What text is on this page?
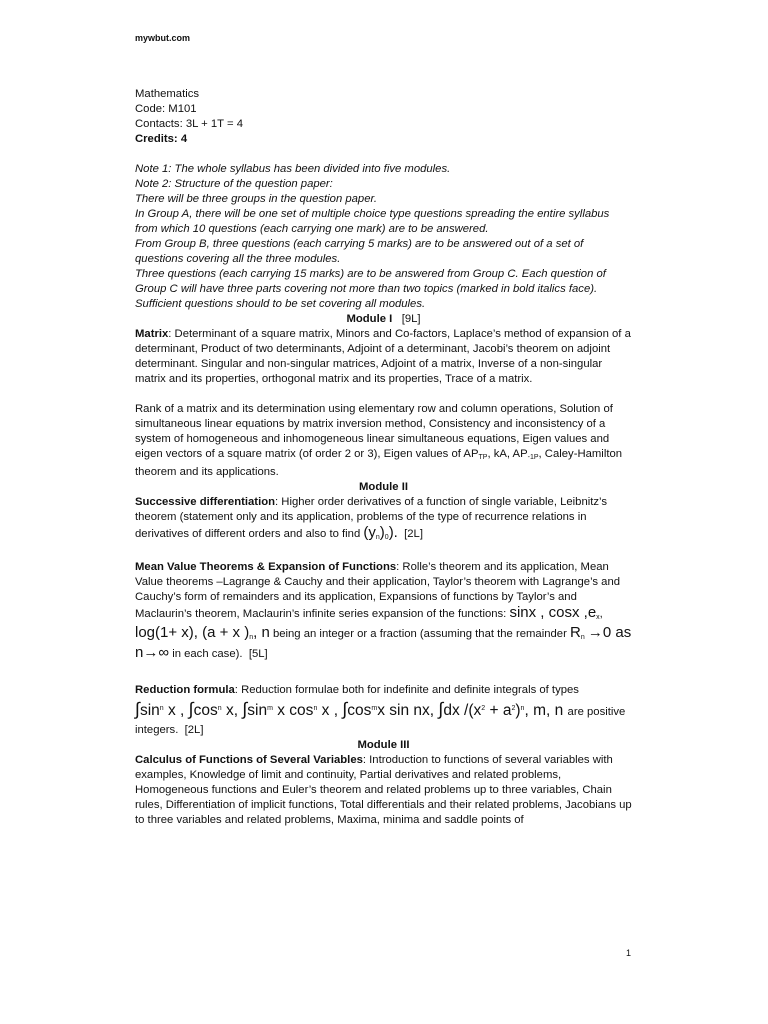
mywbut.com

Mathematics

Code: M101

Contacts: 3L + 1T = 4

Credits: 4

Note 1: The whole syllabus has been divided into five modules.

Note 2: Structure of the question paper:

There will be three groups in the question paper.

In Group A, there will be one set of multiple choice type questions spreading the entire syllabus from which 10 questions (each carrying one mark) are to be answered.

From Group B, three questions (each carrying 5 marks) are to be answered out of a set of questions covering all the three modules.

Three questions (each carrying 15 marks) are to be answered from Group C. Each question of Group C will have three parts covering not more than two topics (marked in bold italics face).

Sufficient questions should to be set covering all modules.

Module I [9L]

Matrix: Determinant of a square matrix, Minors and Co-factors, Laplace’s method of expansion of a determinant, Product of two determinants, Adjoint of a determinant, Jacobi’s theorem on adjoint determinant. Singular and non-singular matrices, Adjoint of a matrix, Inverse of a non-singular matrix and its properties, orthogonal matrix and its properties, Trace of a matrix.

Rank of a matrix and its determination using elementary row and column operations, Solution of simultaneous linear equations by matrix inversion method, Consistency and inconsistency of a system of homogeneous and inhomogeneous linear simultaneous equations, Eigen values and eigen vectors of a square matrix (of order 2 or 3), Eigen values of $AP_{TP}$, kA, $AP_{-1P}$, Caley-Hamilton theorem and its applications.

Module II

Successive differentiation: Higher order derivatives of a function of single variable, Leibnitz’s theorem (statement only and its application, problems of the type of recurrence relations in derivatives of different orders and also to find $(y_n)_0$). [2L]

Mean Value Theorems & Expansion of Functions: Rolle’s theorem and its application, Mean Value theorems –Lagrange & Cauchy and their application, Taylor’s theorem with Lagrange’s and Cauchy’s form of remainders and its application, Expansions of functions by Taylor’s and Maclaurin’s theorem, Maclaurin’s infinite series expansion of the functions: sinx , cosx $,e_x$, log(1+ x), (a + x )$_n$, n being an integer or a fraction (assuming that the remainder $R_n \to 0$ as n→∞ in each case). [5L]

Reduction formula: Reduction formulae both for indefinite and definite integrals of types

$\int\sin^n$ x , $\int\cos^n$ x, $\int\sin^m$ x $\cos^n x$ , $\int\cos^mx$ sin nx, ∫dx $/(x^2 + a^2)^n$, m, n are positive

integers. [2L]

Module III

Calculus of Functions of Several Variables: Introduction to functions of several variables with examples, Knowledge of limit and continuity, Partial derivatives and related problems, Homogeneous functions and Euler’s theorem and related problems up to three variables, Chain rules, Differentiation of implicit functions, Total differentials and their related problems, Jacobians up to three variables and related problems, Maxima, minima and saddle points of

1
